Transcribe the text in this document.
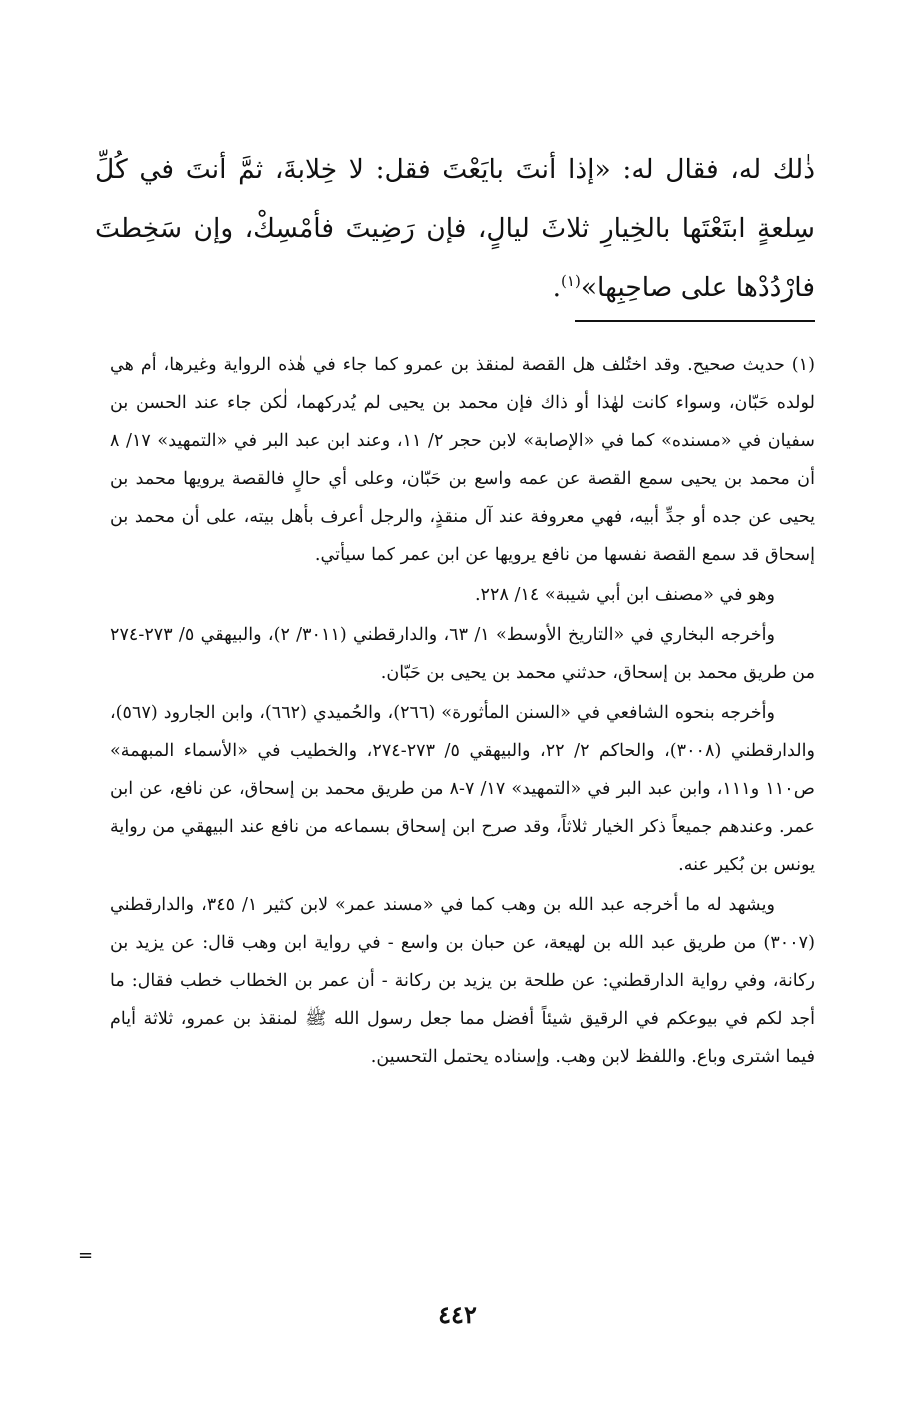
ذٰلك له، فقال له: «إذا أنتَ بايَعْتَ فقل: لا خِلابةَ، ثمَّ أنتَ في كُلِّ سِلعةٍ ابتَعْتَها بالخِيارِ ثلاثَ ليالٍ، فإن رَضِيتَ فأمْسِكْ، وإن سَخِطتَ فارْدُدْها على صاحِبِها»$^{(١)}$.

(١) حديث صحيح. وقد اختُلف هل القصة لمنقذ بن عمرو كما جاء في هٰذه الرواية وغيرها، أم هي لولده حَبّان، وسواء كانت لهٰذا أو ذاك فإن محمد بن يحيى لم يُدركهما، لٰكن جاء عند الحسن بن سفيان في «مسنده» كما في «الإصابة» لابن حجر ٢/ ١١، وعند ابن عبد البر في «التمهيد» ١٧/ ٨ أن محمد بن يحيى سمع القصة عن عمه واسع بن حَبّان، وعلى أي حالٍ فالقصة يرويها محمد بن يحيى عن جده أو جدِّ أبيه، فهي معروفة عند آل منقذٍ، والرجل أعرف بأهل بيته، على أن محمد بن إسحاق قد سمع القصة نفسها من نافع يرويها عن ابن عمر كما سيأتي.

وهو في «مصنف ابن أبي شيبة» ١٤/ ٢٢٨.

وأخرجه البخاري في «التاريخ الأوسط» ١/ ٦٣، والدارقطني (٣٠١١/ ٢)، والبيهقي ٥/ ٢٧٣-٢٧٤ من طريق محمد بن إسحاق، حدثني محمد بن يحيى بن حَبّان.

وأخرجه بنحوه الشافعي في «السنن المأثورة» (٢٦٦)، والحُميدي (٦٦٢)، وابن الجارود (٥٦٧)، والدارقطني (٣٠٠٨)، والحاكم ٢/ ٢٢، والبيهقي ٥/ ٢٧٣-٢٧٤، والخطيب في «الأسماء المبهمة» ص١١٠ و١١١، وابن عبد البر في «التمهيد» ١٧/ ٧-٨ من طريق محمد بن إسحاق، عن نافع، عن ابن عمر. وعندهم جميعاً ذكر الخيار ثلاثاً، وقد صرح ابن إسحاق بسماعه من نافع عند البيهقي من رواية يونس بن بُكير عنه.

ويشهد له ما أخرجه عبد الله بن وهب كما في «مسند عمر» لابن كثير ١/ ٣٤٥، والدارقطني (٣٠٠٧) من طريق عبد الله بن لهيعة، عن حبان بن واسع - في رواية ابن وهب قال: عن يزيد بن ركانة، وفي رواية الدارقطني: عن طلحة بن يزيد بن ركانة - أن عمر بن الخطاب خطب فقال: ما أجد لكم في بيوعكم في الرقيق شيئاً أفضل مما جعل رسول الله ﷺ لمنقذ بن عمرو، ثلاثة أيام فيما اشترى وباع. واللفظ لابن وهب. وإسناده يحتمل التحسين.

=
٤٤٢
